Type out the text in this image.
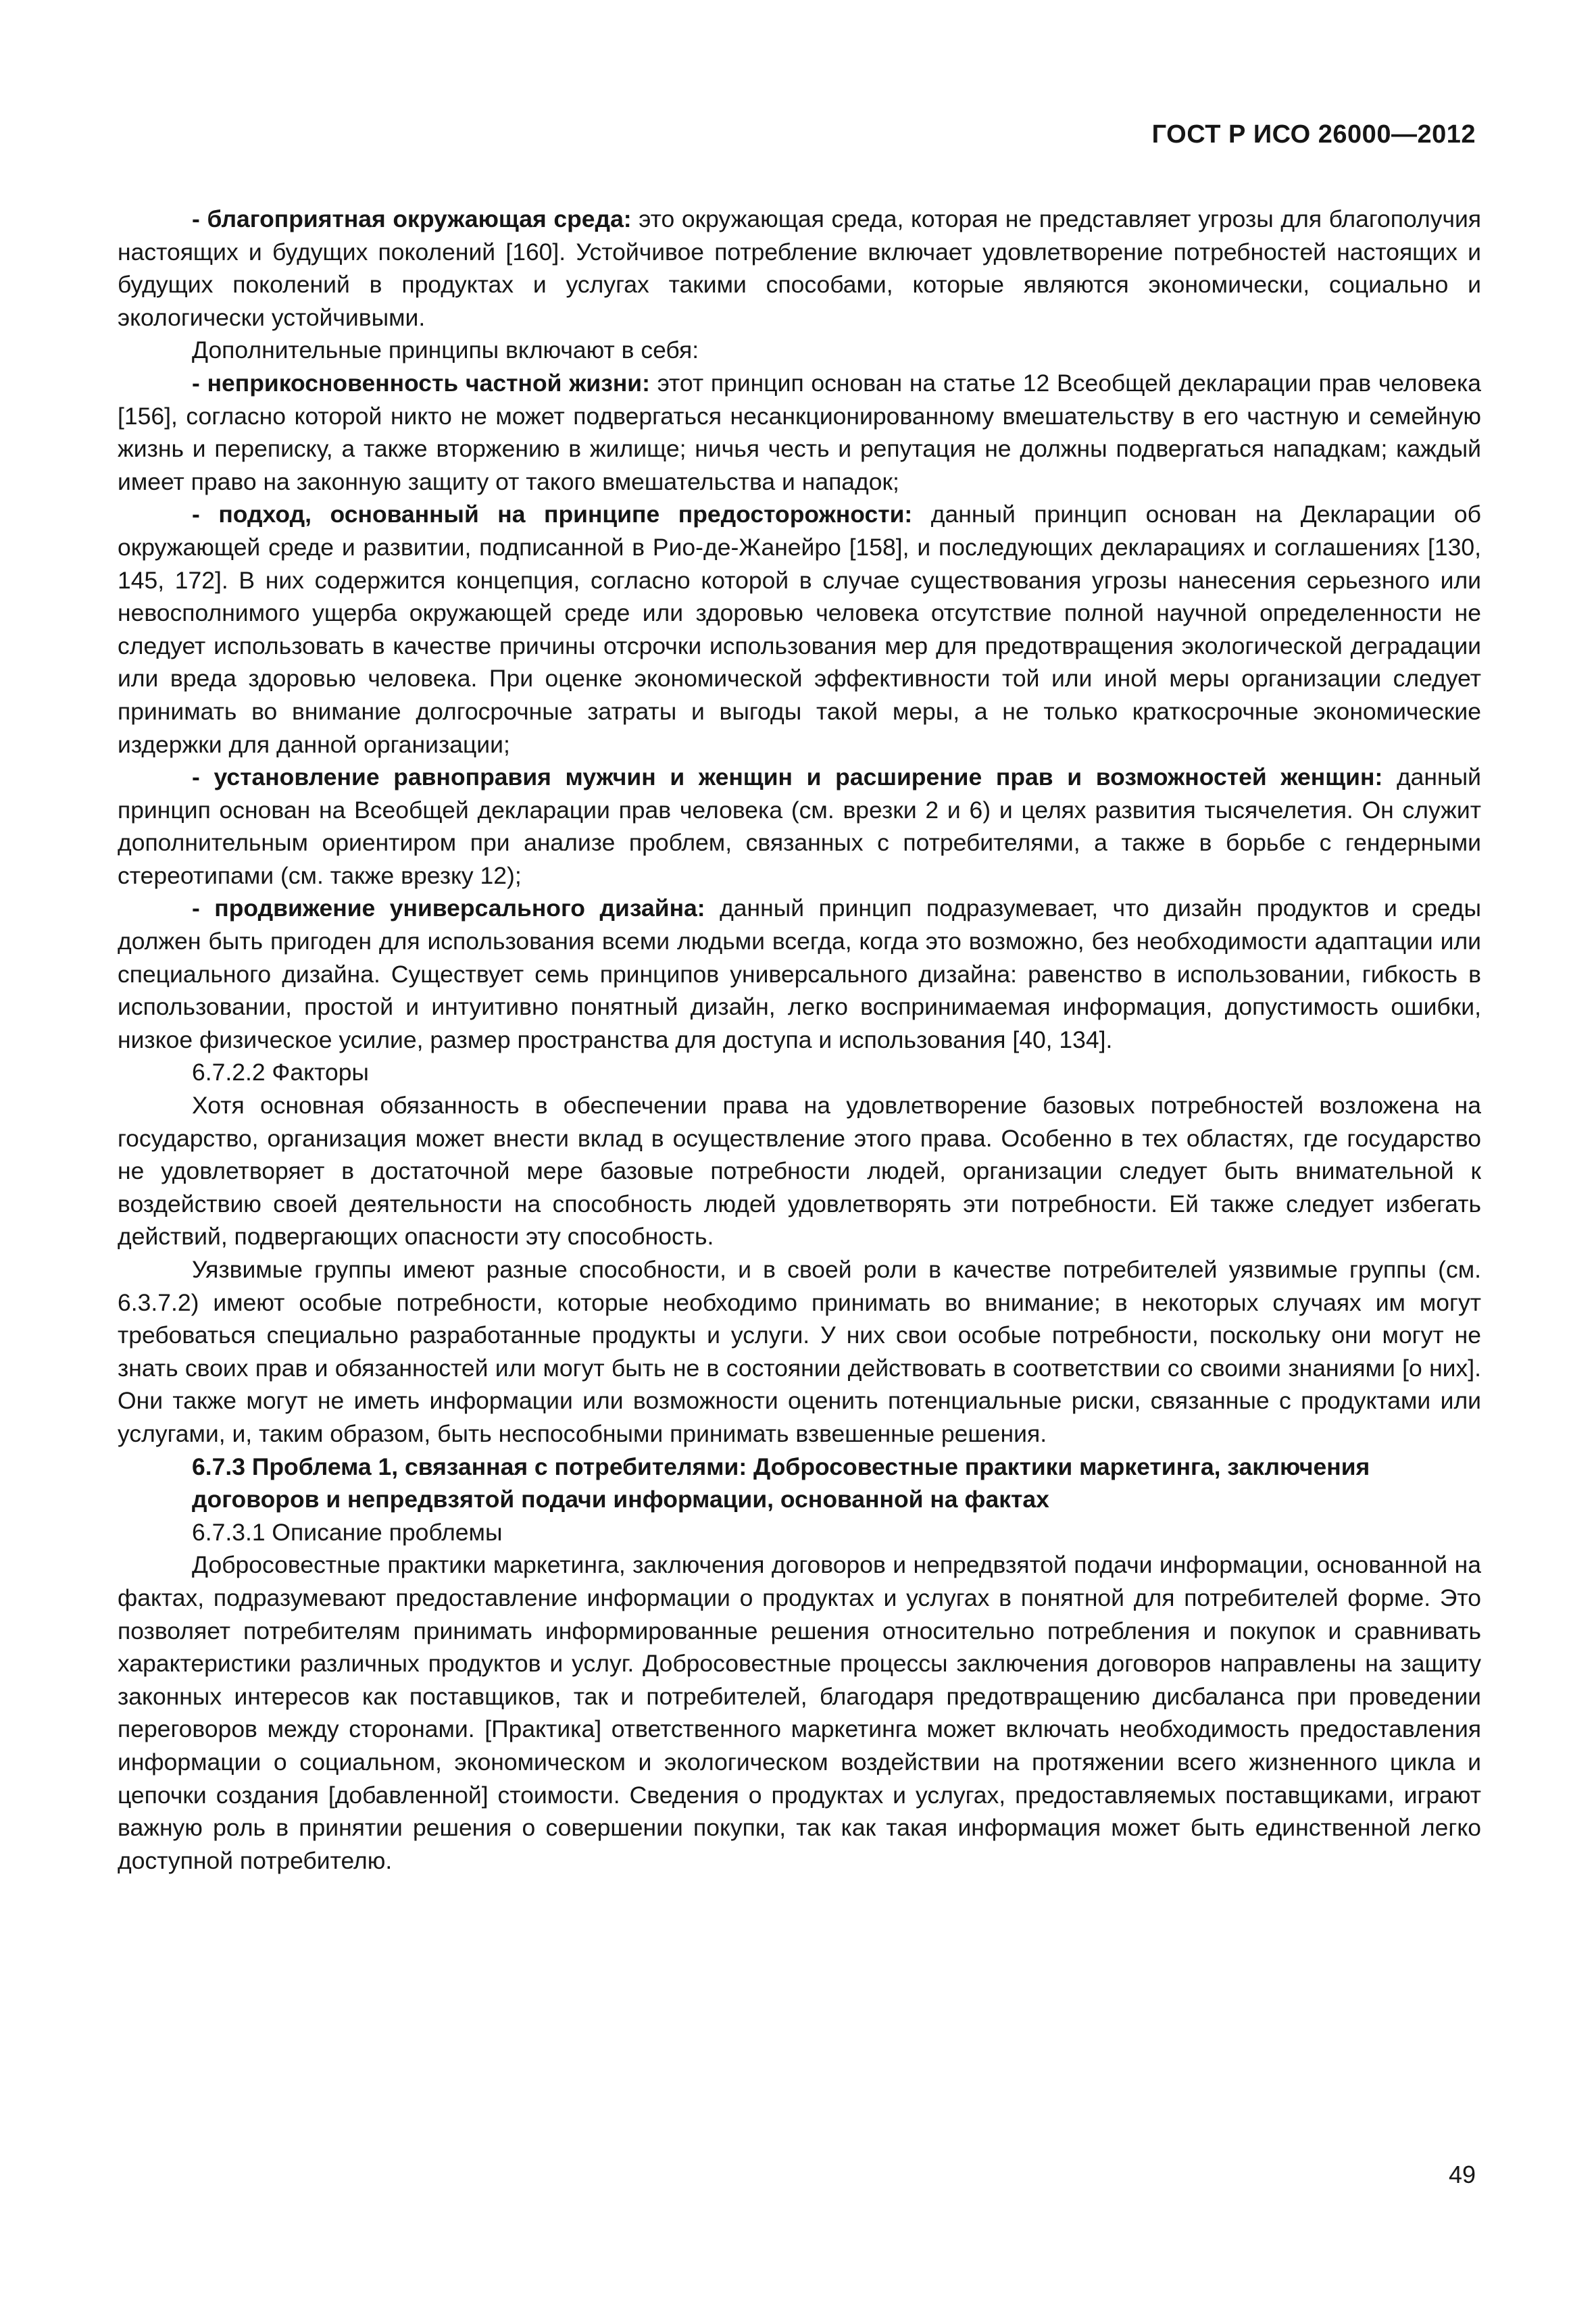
ГОСТ Р ИСО 26000—2012

- благоприятная окружающая среда: это окружающая среда, которая не представляет угрозы для благополучия настоящих и будущих поколений [160]. Устойчивое потребление включает удовлетворение потребностей настоящих и будущих поколений в продуктах и услугах такими способами, которые являются экономически, социально и экологически устойчивыми.

Дополнительные принципы включают в себя:

- неприкосновенность частной жизни: этот принцип основан на статье 12 Всеобщей декларации прав человека [156], согласно которой никто не может подвергаться несанкционированному вмешательству в его частную и семейную жизнь и переписку, а также вторжению в жилище; ничья честь и репутация не должны подвергаться нападкам; каждый имеет право на законную защиту от такого вмешательства и нападок;

- подход, основанный на принципе предосторожности: данный принцип основан на Декларации об окружающей среде и развитии, подписанной в Рио-де-Жанейро [158], и последующих декларациях и соглашениях [130, 145, 172]. В них содержится концепция, согласно которой в случае существования угрозы нанесения серьезного или невосполнимого ущерба окружающей среде или здоровью человека отсутствие полной научной определенности не следует использовать в качестве причины отсрочки использования мер для предотвращения экологической деградации или вреда здоровью человека. При оценке экономической эффективности той или иной меры организации следует принимать во внимание долгосрочные затраты и выгоды такой меры, а не только краткосрочные экономические издержки для данной организации;

- установление равноправия мужчин и женщин и расширение прав и возможностей женщин: данный принцип основан на Всеобщей декларации прав человека (см. врезки 2 и 6) и целях развития тысячелетия. Он служит дополнительным ориентиром при анализе проблем, связанных с потребителями, а также в борьбе с гендерными стереотипами (см. также врезку 12);

- продвижение универсального дизайна: данный принцип подразумевает, что дизайн продуктов и среды должен быть пригоден для использования всеми людьми всегда, когда это возможно, без необходимости адаптации или специального дизайна. Существует семь принципов универсального дизайна: равенство в использовании, гибкость в использовании, простой и интуитивно понятный дизайн, легко воспринимаемая информация, допустимость ошибки, низкое физическое усилие, размер пространства для доступа и использования [40, 134].

6.7.2.2 Факторы

Хотя основная обязанность в обеспечении права на удовлетворение базовых потребностей возложена на государство, организация может внести вклад в осуществление этого права. Особенно в тех областях, где государство не удовлетворяет в достаточной мере базовые потребности людей, организации следует быть внимательной к воздействию своей деятельности на способность людей удовлетворять эти потребности. Ей также следует избегать действий, подвергающих опасности эту способность.

Уязвимые группы имеют разные способности, и в своей роли в качестве потребителей уязвимые группы (см. 6.3.7.2) имеют особые потребности, которые необходимо принимать во внимание; в некоторых случаях им могут требоваться специально разработанные продукты и услуги. У них свои особые потребности, поскольку они могут не знать своих прав и обязанностей или могут быть не в состоянии действовать в соответствии со своими знаниями [о них]. Они также могут не иметь информации или возможности оценить потенциальные риски, связанные с продуктами или услугами, и, таким образом, быть неспособными принимать взвешенные решения.

6.7.3 Проблема 1, связанная с потребителями: Добросовестные практики маркетинга, заключения договоров и непредвзятой подачи информации, основанной на фактах

6.7.3.1 Описание проблемы

Добросовестные практики маркетинга, заключения договоров и непредвзятой подачи информации, основанной на фактах, подразумевают предоставление информации о продуктах и услугах в понятной для потребителей форме. Это позволяет потребителям принимать информированные решения относительно потребления и покупок и сравнивать характеристики различных продуктов и услуг. Добросовестные процессы заключения договоров направлены на защиту законных интересов как поставщиков, так и потребителей, благодаря предотвращению дисбаланса при проведении переговоров между сторонами. [Практика] ответственного маркетинга может включать необходимость предоставления информации о социальном, экономическом и экологическом воздействии на протяжении всего жизненного цикла и цепочки создания [добавленной] стоимости. Сведения о продуктах и услугах, предоставляемых поставщиками, играют важную роль в принятии решения о совершении покупки, так как такая информация может быть единственной легко доступной потребителю.

49
